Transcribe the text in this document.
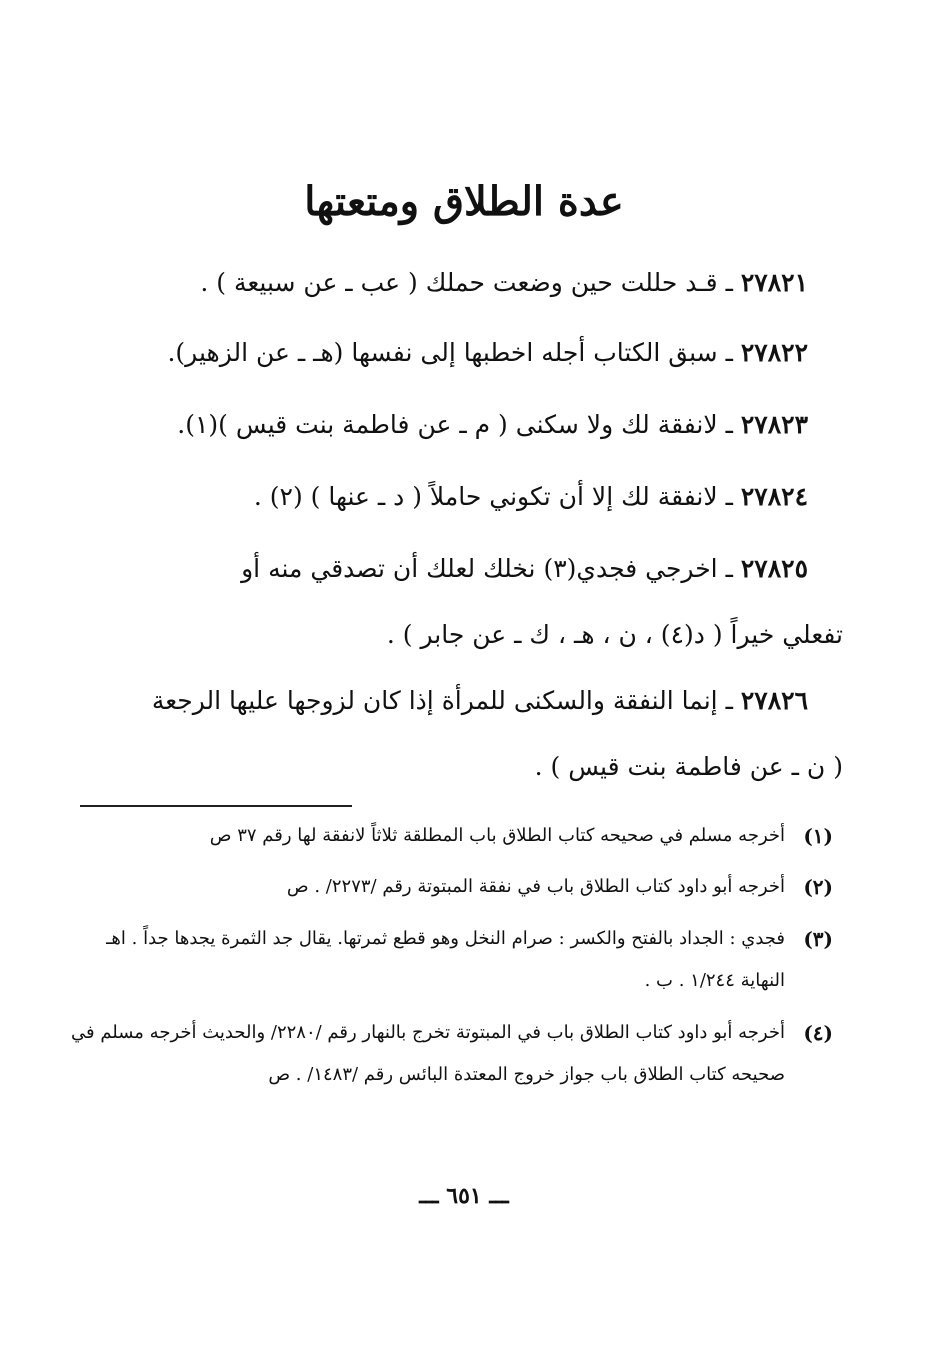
عدة الطلاق ومتعتها
٢٧٨٢١ ـ قـد حللت حين وضعت حملك ( عب ـ عن سبيعة ) .
٢٧٨٢٢ ـ سبق الكتاب أجله اخطبها إلى نفسها (هـ ـ عن الزهير).
٢٧٨٢٣ ـ لانفقة لك ولا سكنى ( م ـ عن فاطمة بنت قيس )(١).
٢٧٨٢٤ ـ لانفقة لك إلا أن تكوني حاملاً ( د ـ عنها ) (٢) .
٢٧٨٢٥ ـ اخرجي فجدي(٣) نخلك لعلك أن تصدقي منه أو
تفعلي خيراً ( د(٤) ، ن ، هـ ، ك ـ عن جابر ) .
٢٧٨٢٦ ـ إنما النفقة والسكنى للمرأة إذا كان لزوجها عليها الرجعة
( ن ـ عن فاطمة بنت قيس ) .
(١)
أخرجه مسلم في صحيحه كتاب الطلاق باب المطلقة ثلاثاً لانفقة لها رقم ٣٧ ص
(٢)
أخرجه أبو داود كتاب الطلاق باب في نفقة المبتوتة رقم /٢٢٧٣/ . ص
(٣)
فجدي : الجداد بالفتح والكسر : صرام النخل وهو قطع ثمرتها. يقال جد الثمرة يجدها جداً . اهـ النهاية ١/٢٤٤ . ب .
(٤)
أخرجه أبو داود كتاب الطلاق باب في المبتوتة تخرج بالنهار رقم /٢٢٨٠/ والحديث أخرجه مسلم في صحيحه كتاب الطلاق باب جواز خروج المعتدة البائس رقم /١٤٨٣/ . ص
ـــ ٦٥١ ـــ
